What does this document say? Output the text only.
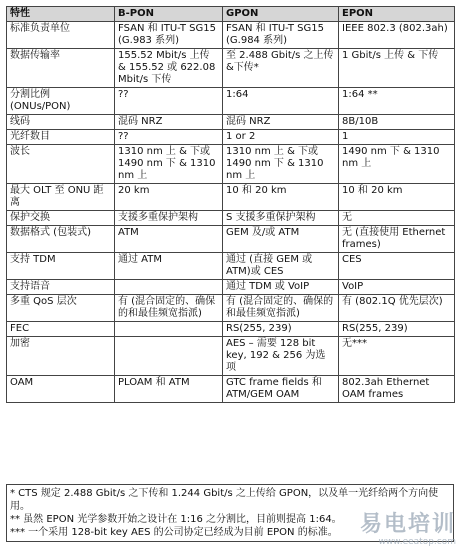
特性	B-PON	GPON	EPON
标准负责单位	FSAN 和 ITU-T SG15 (G.983 系列)	FSAN 和 ITU-T SG15 (G.984 系列)	IEEE 802.3 (802.3ah)
数据传输率	155.52 Mbit/s 上传 & 155.52 或 622.08 Mbit/s 下传	至 2.488 Gbit/s 之上传&下传*	1 Gbit/s 上传 & 下传
分割比例 (ONUs/PON)	??	1:64	1:64 **
线码	混码 NRZ	混码 NRZ	8B/10B
光纤数目	??	1 or 2	1
波长	1310 nm 上 & 下或 1490 nm 下 & 1310 nm 上	1310 nm 上 & 下或 1490 nm 下 & 1310 nm 上	1490 nm 下 & 1310 nm 上
最大 OLT 至 ONU 距离	20 km	10 和 20 km	10 和 20 km
保护交换	支援多重保护架构	S 支援多重保护架构	无
数据格式 (包装式)	ATM	GEM 及/或 ATM	无 (直接使用 Ethernet frames)
支持 TDM	通过 ATM	通过 (直接 GEM 或 ATM)或 CES	CES
支持语音		通过 TDM 或 VoIP	VoIP
多重 QoS 层次	有 (混合固定的、确保的和最佳频宽指派)	有 (混合固定的、确保的和最佳频宽指派)	有 (802.1Q 优先层次)
FEC		RS(255, 239)	RS(255, 239)
加密		AES – 需要 128 bit key, 192 & 256 为选项	无***
OAM	PLOAM 和 ATM	GTC frame fields 和 ATM/GEM OAM	802.3ah Ethernet OAM frames
* CTS 规定 2.488 Gbit/s 之下传和 1.244 Gbit/s 之上传给 GPON，以及单一光纤给两个方向使用。
** 虽然 EPON 光学参数开始之设计在 1:16 之分割比，目前则提高 1:64。
*** 一个采用 128-bit key AES 的公司协定已经成为目前 EPON 的标准。	易电培训
www.eeatop.com
